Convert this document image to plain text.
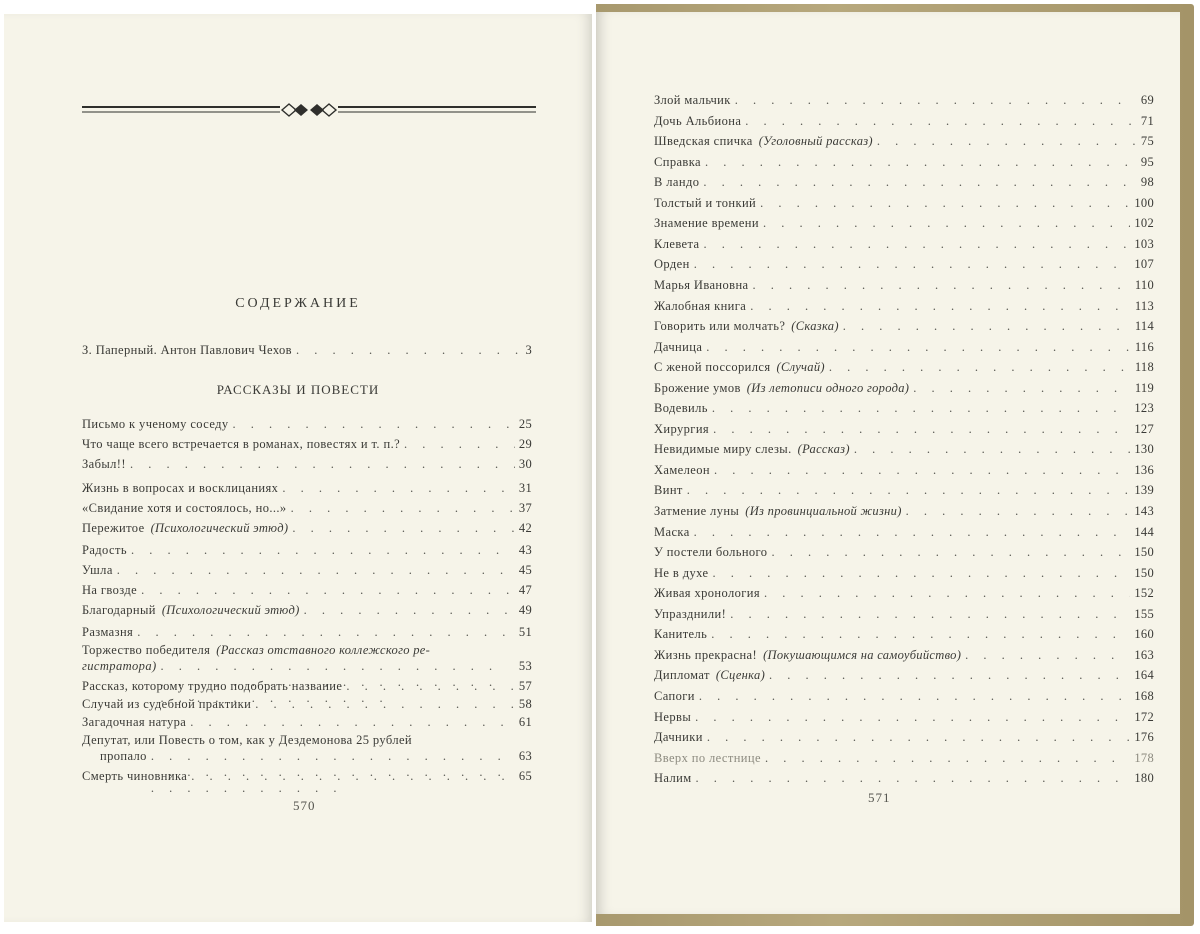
СОДЕРЖАНИЕ
З. Паперный. Антон Павлович Чехов . . .	3
РАССКАЗЫ И ПОВЕСТИ
Письмо к ученому соседу . . .	25
Что чаще всего встречается в романах, повестях и т. п.? . . .	29
Забыл!! . . .	30
Жизнь в вопросах и восклицаниях . . .	31
«Свидание хотя и состоялось, но...» . . .	37
Пережитое (Психологический этюд) . . .	42
Радость . . .	43
Ушла . . .	45
На гвозде . . .	47
Благодарный (Психологический этюд) . . .	49
Размазня . . .	51
Торжество победителя (Рассказ отставного коллежского ре-
гистратора) . . .	53
Рассказ, которому трудно подобрать название . . .	57
Случай из судебной практики . . .	58
Загадочная натура . . .	61
Депутат, или Повесть о том, как у Дездемонова 25 рублей
пропало . . .	63
Смерть чиновника . . .	65
570
Злой мальчик . . .	69
Дочь Альбиона . . .	71
Шведская спичка (Уголовный рассказ) . . .	75
Справка . . .	95
В ландо . . .	98
Толстый и тонкий . . .	100
Знамение времени . . .	102
Клевета . . .	103
Орден . . .	107
Марья Ивановна . . .	110
Жалобная книга . . .	113
Говорить или молчать? (Сказка) . . .	114
Дачница . . .	116
С женой поссорился (Случай) . . .	118
Брожение умов (Из летописи одного города) . . .	119
Водевиль . . .	123
Хирургия . . .	127
Невидимые миру слезы. (Рассказ) . . .	130
Хамелеон . . .	136
Винт . . .	139
Затмение луны (Из провинциальной жизни) . . .	143
Маска . . .	144
У постели больного . . .	150
Не в духе . . .	150
Живая хронология . . .	152
Упразднили! . . .	155
Канитель . . .	160
Жизнь прекрасна! (Покушающимся на самоубийство) . . .	163
Дипломат (Сценка) . . .	164
Сапоги . . .	168
Нервы . . .	172
Дачники . . .	176
Вверх по лестнице . . .	178
Налим . . .	180
571
